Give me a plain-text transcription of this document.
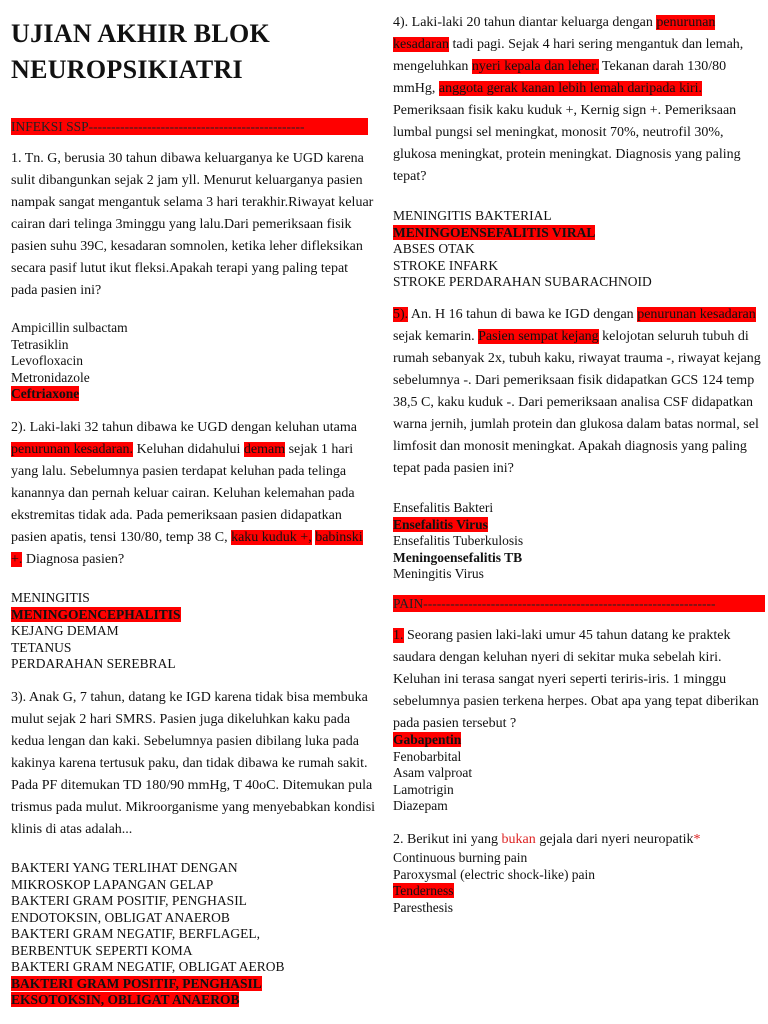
UJIAN AKHIR BLOK
NEUROPSIKIATRI
INFEKSI SSP------------------------------------------------

1. Tn. G, berusia 30 tahun dibawa keluarganya ke UGD karena sulit dibangunkan sejak 2 jam yll. Menurut keluarganya pasien nampak sangat mengantuk selama 3 hari terakhir.Riwayat keluar cairan dari telinga 3minggu yang lalu.Dari pemeriksaan fisik pasien suhu 39C, kesadaran somnolen, ketika leher difleksikan secara pasif lutut ikut fleksi.Apakah terapi yang paling tepat pada pasien ini?

Ampicillin sulbactam
Tetrasiklin
Levofloxacin
Metronidazole
Ceftriaxone

2). Laki-laki 32 tahun dibawa ke UGD dengan keluhan utama penurunan kesadaran. Keluhan didahului demam sejak 1 hari yang lalu. Sebelumnya pasien terdapat keluhan pada telinga kanannya dan pernah keluar cairan. Keluhan kelemahan pada ekstremitas tidak ada. Pada pemeriksaan pasien didapatkan pasien apatis, tensi 130/80, temp 38 C, kaku kuduk +, babinski +. Diagnosa pasien?

MENINGITIS
MENINGOENCEPHALITIS
KEJANG DEMAM
TETANUS
PERDARAHAN SEREBRAL

3). Anak G, 7 tahun, datang ke IGD karena tidak bisa membuka mulut sejak 2 hari SMRS. Pasien juga dikeluhkan kaku pada kedua lengan dan kaki. Sebelumnya pasien dibilang luka pada kakinya karena tertusuk paku, dan tidak dibawa ke rumah sakit. Pada PF ditemukan TD 180/90 mmHg, T 40oC. Ditemukan pula trismus pada mulut. Mikroorganisme yang menyebabkan kondisi klinis di atas adalah...

BAKTERI YANG TERLIHAT DENGAN
MIKROSKOP LAPANGAN GELAP
BAKTERI GRAM POSITIF, PENGHASIL
ENDOTOKSIN, OBLIGAT ANAEROB
BAKTERI GRAM NEGATIF, BERFLAGEL,
BERBENTUK SEPERTI KOMA
BAKTERI GRAM NEGATIF, OBLIGAT AEROB
BAKTERI GRAM POSITIF, PENGHASIL
EKSOTOKSIN, OBLIGAT ANAEROB

4). Laki-laki 20 tahun diantar keluarga dengan penurunan kesadaran tadi pagi. Sejak 4 hari sering mengantuk dan lemah, mengeluhkan nyeri kepala dan leher. Tekanan darah 130/80 mmHg, anggota gerak kanan lebih lemah daripada kiri. Pemeriksaan fisik kaku kuduk +, Kernig sign +. Pemeriksaan lumbal pungsi sel meningkat, monosit 70%, neutrofil 30%, glukosa meningkat, protein meningkat. Diagnosis yang paling tepat?

MENINGITIS BAKTERIAL
MENINGOENSEFALITIS VIRAL
ABSES OTAK
STROKE INFARK
STROKE PERDARAHAN SUBARACHNOID

5). An. H 16 tahun di bawa ke IGD dengan penurunan kesadaran sejak kemarin. Pasien sempat kejang kelojotan seluruh tubuh di rumah sebanyak 2x, tubuh kaku, riwayat trauma -, riwayat kejang sebelumnya -. Dari pemeriksaan fisik didapatkan GCS 124 temp 38,5 C, kaku kuduk -. Dari pemeriksaan analisa CSF didapatkan warna jernih, jumlah protein dan glukosa dalam batas normal, sel limfosit dan monosit meningkat. Apakah diagnosis yang paling tepat pada pasien ini?

Ensefalitis Bakteri
Ensefalitis Virus
Ensefalitis Tuberkulosis
Meningoensefalitis TB
Meningitis Virus
PAIN-----------------------------------------------------------------

1. Seorang pasien laki-laki umur 45 tahun datang ke praktek saudara dengan keluhan nyeri di sekitar muka sebelah kiri. Keluhan ini terasa sangat nyeri seperti teriris-iris. 1 minggu sebelumnya pasien terkena herpes. Obat apa yang tepat diberikan pada pasien tersebut ?

Gabapentin
Fenobarbital
Asam valproat
Lamotrigin
Diazepam

2. Berikut ini yang bukan gejala dari nyeri neuropatik*

Continuous burning pain
Paroxysmal (electric shock-like) pain
Tenderness
Paresthesis
